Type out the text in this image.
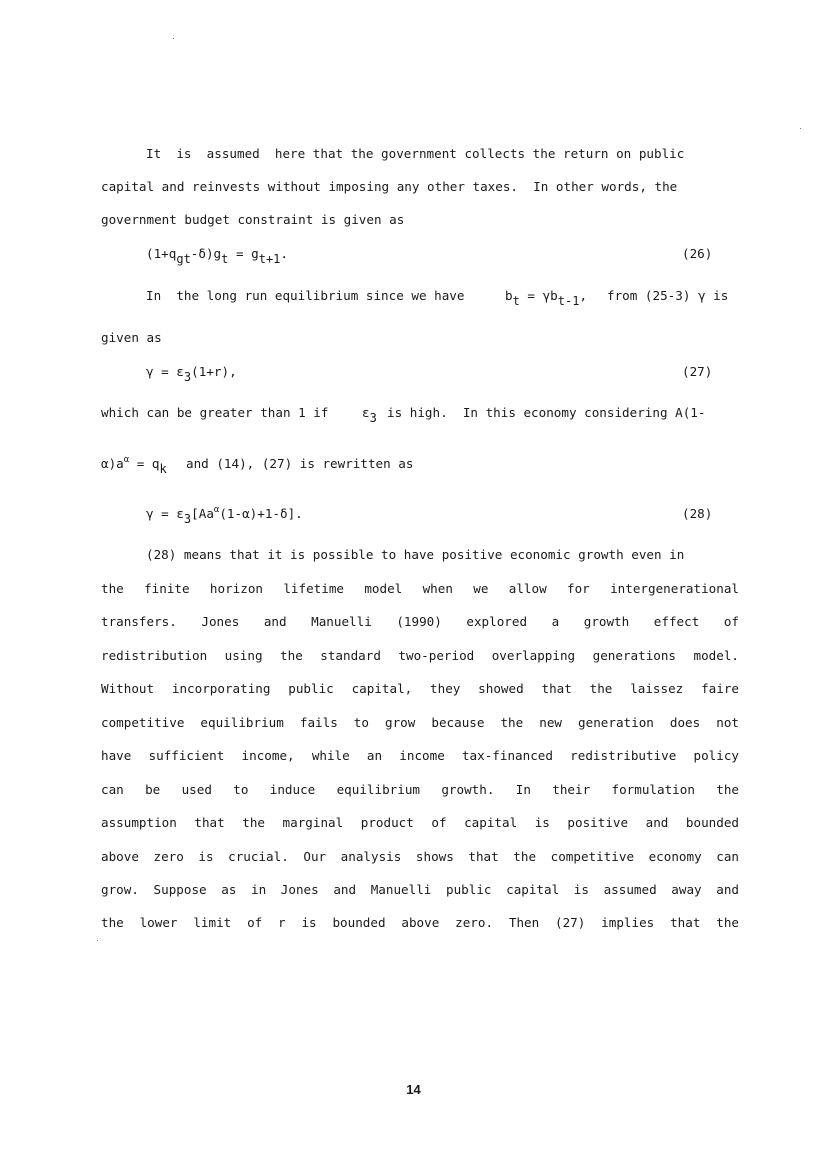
It  is  assumed  here that the government collects the return on public
capital and reinvests without imposing any other taxes.  In other words, the
government budget constraint is given as
$(1+q_{gt}-\delta)g_t = g_{t+1}$.	(26)
In  the long run equilibrium since we have	$b_t = \gamma b_{t-1}$, from (25-3) γ is
given as
$\gamma = \varepsilon_3(1+r)$,	(27)
which can be greater than 1 if	$\varepsilon_3$ is high.  In this economy considering A(1-
$\alpha)a^\alpha = q_k$ and (14), (27) is rewritten as
$\gamma = \varepsilon_3[Aa^\alpha(1-\alpha)+1-\delta]$.	(28)
(28) means that it is possible to have positive economic growth even in
the finite horizon lifetime model when we allow for intergenerational
transfers. Jones and Manuelli (1990) explored a growth effect of
redistribution using the standard two-period overlapping generations model.
Without incorporating public capital, they showed that the laissez faire
competitive equilibrium fails to grow because the new generation does not
have sufficient income, while an income tax-financed redistributive policy
can be used to induce equilibrium growth. In their formulation the
assumption that the marginal product of capital is positive and bounded
above zero is crucial. Our analysis shows that the competitive economy can
grow. Suppose as in Jones and Manuelli public capital is assumed away and
the lower limit of r is bounded above zero. Then (27) implies that the
14
